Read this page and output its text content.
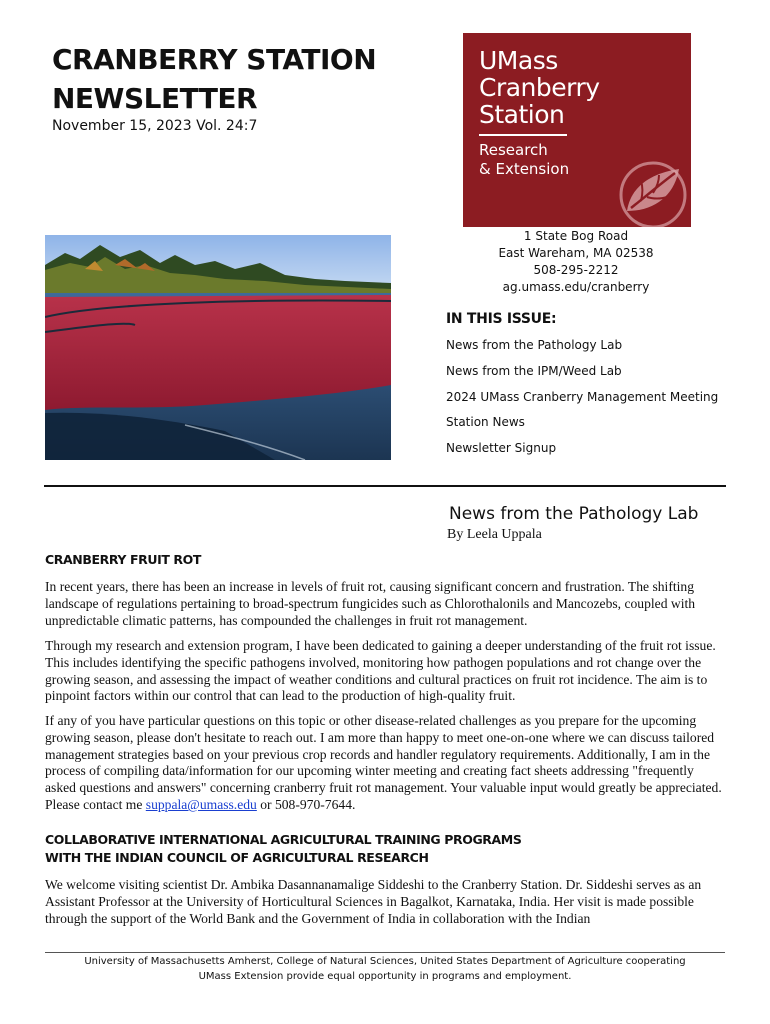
CRANBERRY STATION NEWSLETTER
November 15, 2023 Vol. 24:7
UMass
Cranberry
Station
Research
& Extension
1 State Bog Road
East Wareham, MA 02538
508-295-2212
ag.umass.edu/cranberry
IN THIS ISSUE:
News from the Pathology Lab
News from the IPM/Weed Lab
2024 UMass Cranberry Management Meeting
Station News
Newsletter Signup
News from the Pathology Lab
By Leela Uppala
CRANBERRY FRUIT ROT

In recent years, there has been an increase in levels of fruit rot, causing significant concern and frustration. The shifting landscape of regulations pertaining to broad-spectrum fungicides such as Chlorothalonils and Mancozebs, coupled with unpredictable climatic patterns, has compounded the challenges in fruit rot management.

Through my research and extension program, I have been dedicated to gaining a deeper understanding of the fruit rot issue. This includes identifying the specific pathogens involved, monitoring how pathogen populations and rot change over the growing season, and assessing the impact of weather conditions and cultural practices on fruit rot incidence. The aim is to pinpoint factors within our control that can lead to the production of high-quality fruit.

If any of you have particular questions on this topic or other disease-related challenges as you prepare for the upcoming growing season, please don't hesitate to reach out. I am more than happy to meet one-on-one where we can discuss tailored management strategies based on your previous crop records and handler regulatory requirements. Additionally, I am in the process of compiling data/information for our upcoming winter meeting and creating fact sheets addressing "frequently asked questions and answers" concerning cranberry fruit rot management. Your valuable input would greatly be appreciated. Please contact me suppala@umass.edu or 508-970-7644.

COLLABORATIVE INTERNATIONAL AGRICULTURAL TRAINING PROGRAMS
WITH THE INDIAN COUNCIL OF AGRICULTURAL RESEARCH

We welcome visiting scientist Dr. Ambika Dasannanamalige Siddeshi to the Cranberry Station. Dr. Siddeshi serves as an Assistant Professor at the University of Horticultural Sciences in Bagalkot, Karnataka, India. Her visit is made possible through the support of the World Bank and the Government of India in collaboration with the Indian

University of Massachusetts Amherst, College of Natural Sciences, United States Department of Agriculture cooperating
UMass Extension provide equal opportunity in programs and employment.
